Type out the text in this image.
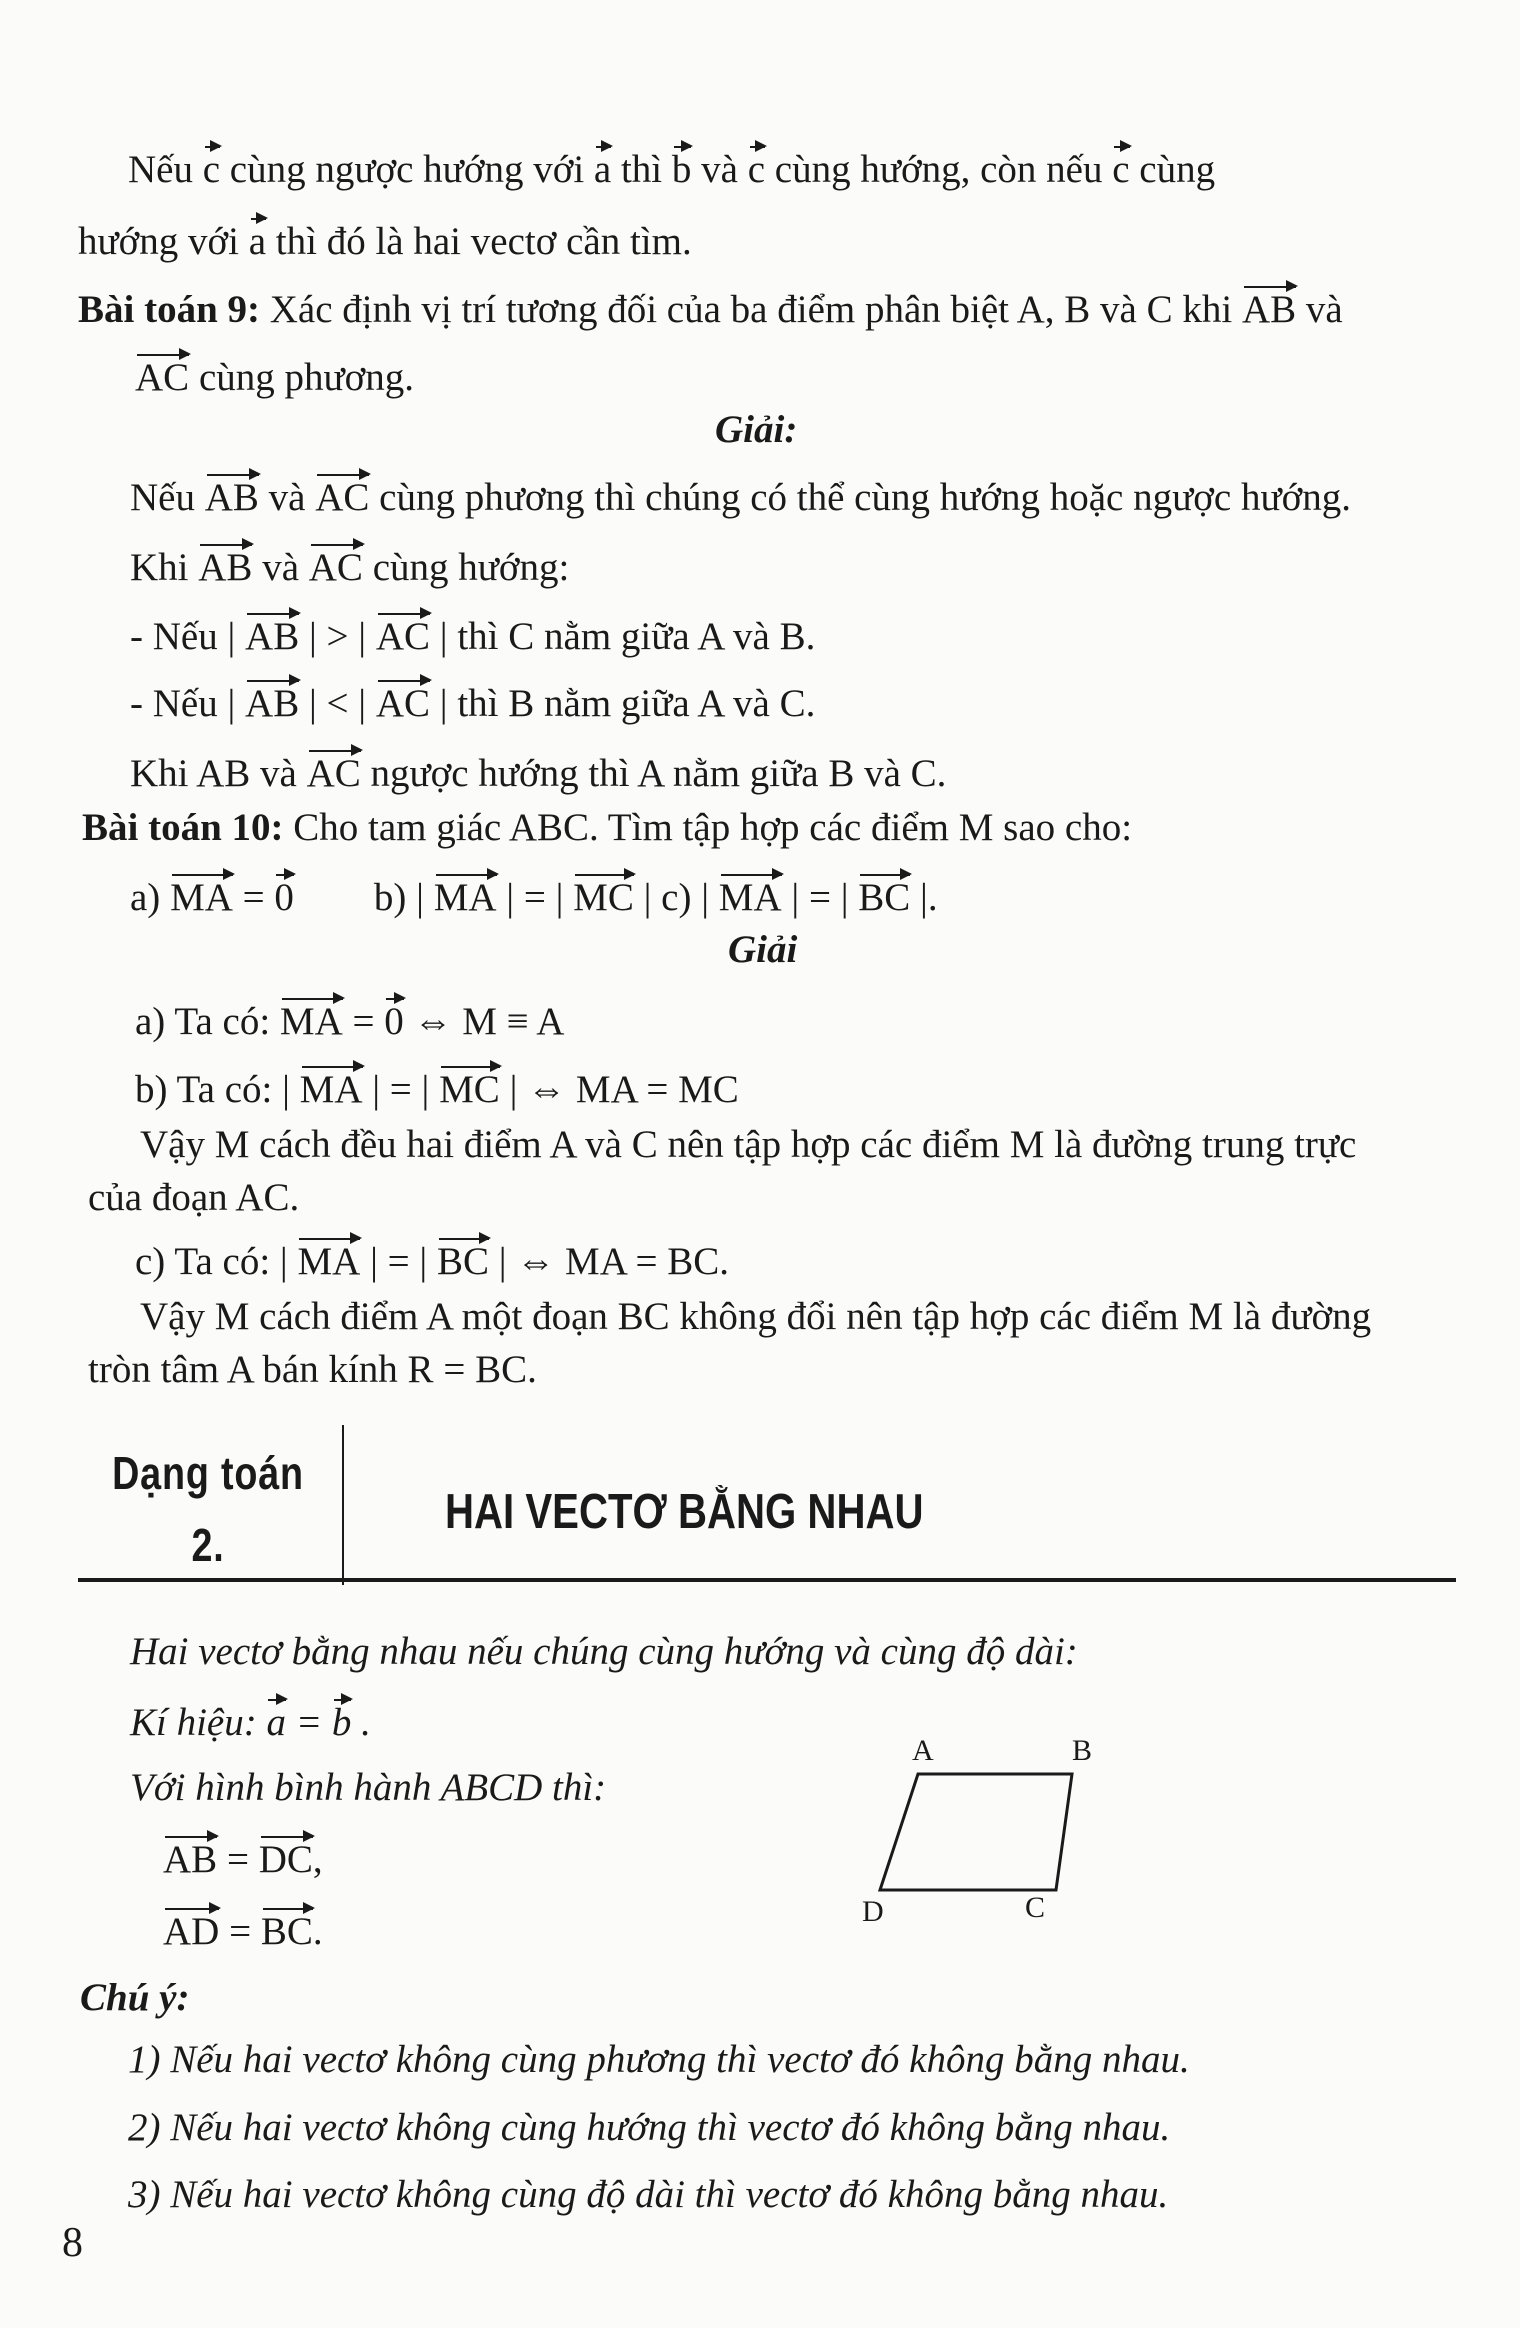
Nếu c cùng ngược hướng với a thì b và c cùng hướng, còn nếu c cùng
hướng với a thì đó là hai vectơ cần tìm.
Bài toán 9: Xác định vị trí tương đối của ba điểm phân biệt A, B và C khi AB và
AC cùng phương.
Giải:
Nếu AB và AC cùng phương thì chúng có thể cùng hướng hoặc ngược hướng.
Khi AB và AC cùng hướng:
- Nếu | AB | > | AC | thì C nằm giữa A và B.
- Nếu | AB | < | AC | thì B nằm giữa A và C.
Khi AB và AC ngược hướng thì A nằm giữa B và C.
Bài toán 10: Cho tam giác ABC. Tìm tập hợp các điểm M sao cho:
a) MA = 0 b) | MA | = | MC | c) | MA | = | BC |.
Giải
a) Ta có: MA = 0 ⇔ M ≡ A
b) Ta có: | MA | = | MC | ⇔ MA = MC
Vậy M cách đều hai điểm A và C nên tập hợp các điểm M là đường trung trực
của đoạn AC.
c) Ta có: | MA | = | BC | ⇔ MA = BC.
Vậy M cách điểm A một đoạn BC không đổi nên tập hợp các điểm M là đường
tròn tâm A bán kính R = BC.
Dạng toán
2.
HAI VECTƠ BẰNG NHAU
Hai vectơ bằng nhau nếu chúng cùng hướng và cùng độ dài:
Kí hiệu: a = b .
Với hình bình hành ABCD thì:
AB = DC,
AD = BC.
A	B
C
D
Chú ý:
1) Nếu hai vectơ không cùng phương thì vectơ đó không bằng nhau.
2) Nếu hai vectơ không cùng hướng thì vectơ đó không bằng nhau.
3) Nếu hai vectơ không cùng độ dài thì vectơ đó không bằng nhau.
8
